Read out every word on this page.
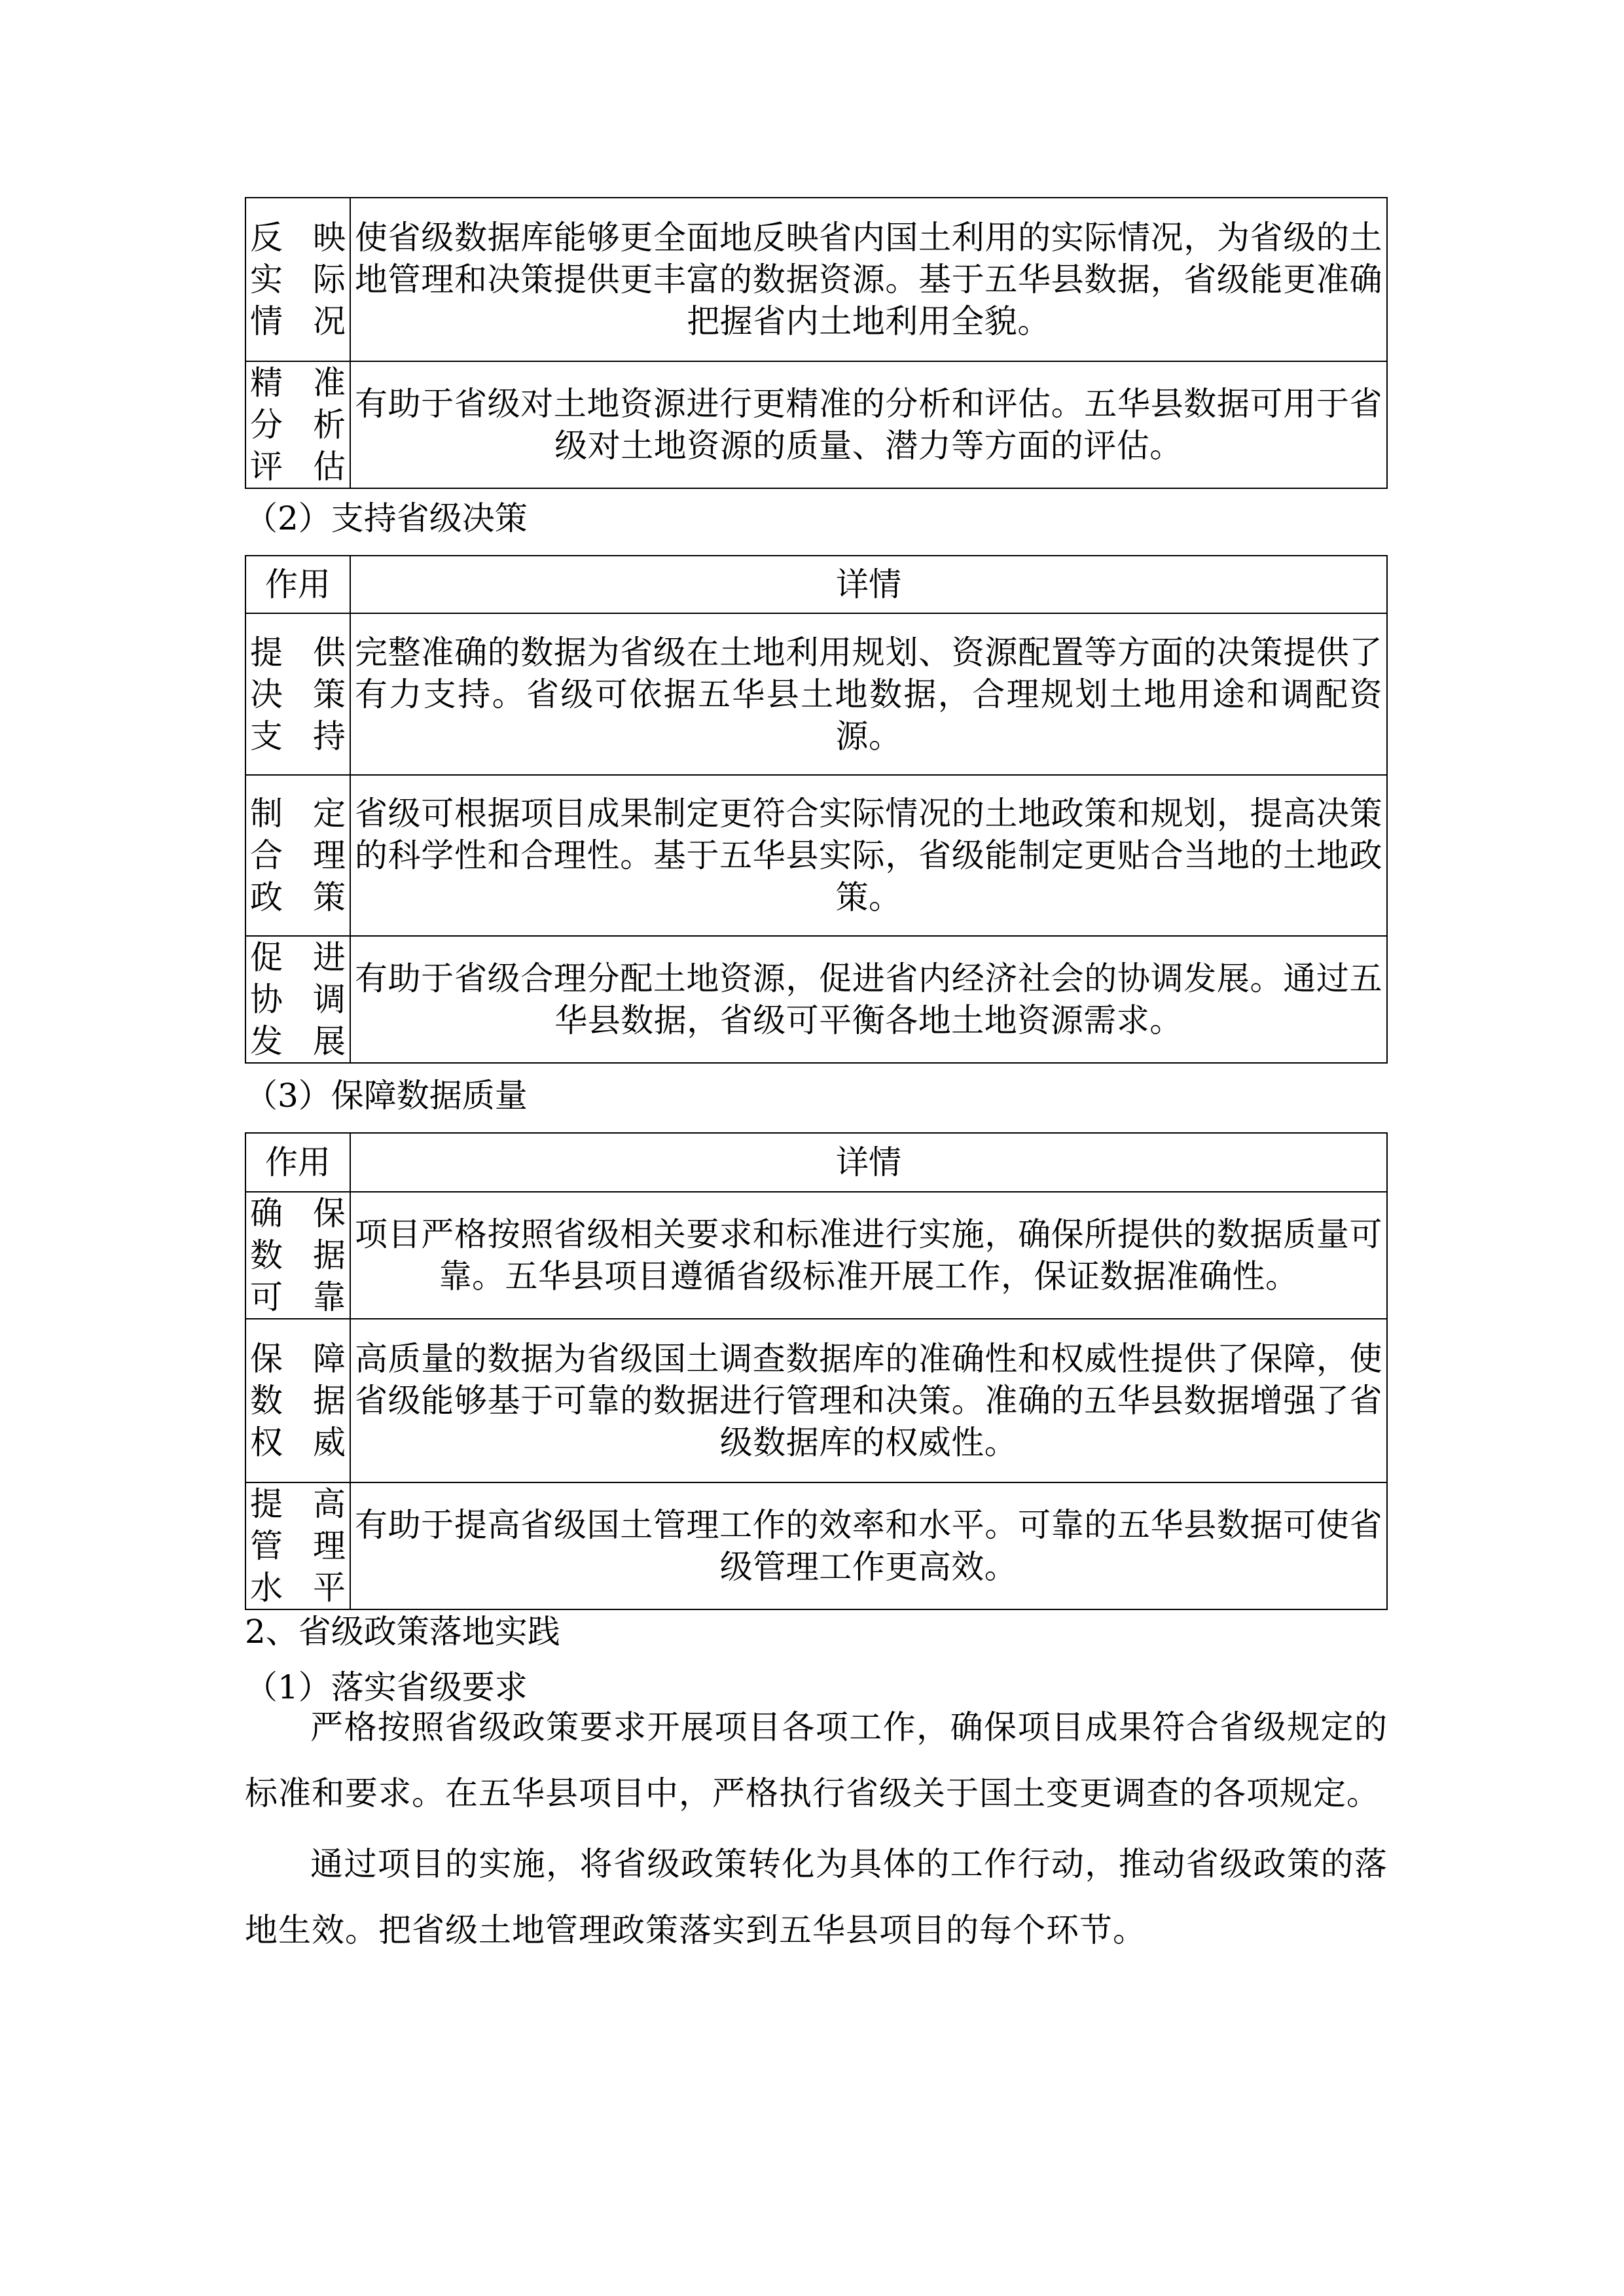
反映实际情况	使省级数据库能够更全面地反映省内国土利用的实际情况，为省级的土地管理和决策提供更丰富的数据资源。基于五华县数据，省级能更准确把握省内土地利用全貌。
精准分析评估	有助于省级对土地资源进行更精准的分析和评估。五华县数据可用于省级对土地资源的质量、潜力等方面的评估。
（2）支持省级决策
作用	详情
提供决策支持	完整准确的数据为省级在土地利用规划、资源配置等方面的决策提供了有力支持。省级可依据五华县土地数据，合理规划土地用途和调配资源。
制定合理政策	省级可根据项目成果制定更符合实际情况的土地政策和规划，提高决策的科学性和合理性。基于五华县实际，省级能制定更贴合当地的土地政策。
促进协调发展	有助于省级合理分配土地资源，促进省内经济社会的协调发展。通过五华县数据，省级可平衡各地土地资源需求。
（3）保障数据质量
作用	详情
确保数据可靠	项目严格按照省级相关要求和标准进行实施，确保所提供的数据质量可靠。五华县项目遵循省级标准开展工作，保证数据准确性。
保障数据权威	高质量的数据为省级国土调查数据库的准确性和权威性提供了保障，使省级能够基于可靠的数据进行管理和决策。准确的五华县数据增强了省级数据库的权威性。
提高管理水平	有助于提高省级国土管理工作的效率和水平。可靠的五华县数据可使省级管理工作更高效。
2、省级政策落地实践
（1）落实省级要求

严格按照省级政策要求开展项目各项工作，确保项目成果符合省级规定的标准和要求。在五华县项目中，严格执行省级关于国土变更调查的各项规定。

通过项目的实施，将省级政策转化为具体的工作行动，推动省级政策的落地生效。把省级土地管理政策落实到五华县项目的每个环节。
